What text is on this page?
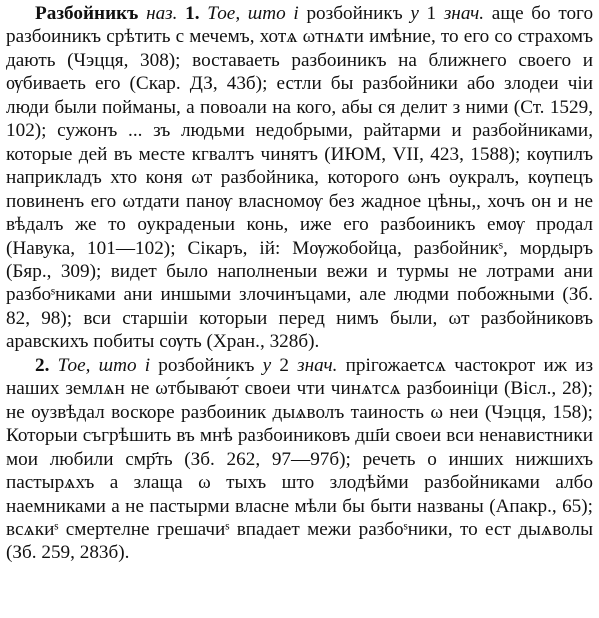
Разбойникъ наз. 1. Тое, што і розбойникъ у 1 знач. аще бо того разбоиникъ срѣтить с мечемъ, хотѧ ωтнѧти имѣние, то его со страхомъ дають (Чэцця, 308); воставаеть разбоиникъ на ближнего своего и ѹбиваеть его (Скар. ДЗ, 43б); естли бы разбойники або злодеи чіи люди были пойманы, а повоали на кого, абы ся делит з ними (Ст. 1529, 102); сужонъ ... зъ людьми недобрыми, райтарми и разбойниками, которые дей въ месте кгвалтъ чинятъ (ИЮМ, VII, 423, 1588); кѹпилъ наприкладъ хто коня ωт разбойника, которого ωнъ оукралъ, кѹпецъ повиненъ его ωтдати панѹ власномѹ без жадное цѣны,, хочъ он и не вѣдалъ же то оукраденыи конь, иже его разбоиникъ емѹ продал (Навука, 101—102); Сікаръ, ій: Мѹжобойца, разбойникˢ, мордыръ (Бяр., 309); видет было наполненыи вежи и турмы не лотрами ани разбоˢниками ани иншыми злочинъцами, але людми побожными (Зб. 82, 98); вси старшіи которыи перед нимъ были, ωт разбойниковъ аравскихъ побиты сѹть (Хран., 328б).

2. Тое, што і розбойникъ у 2 знач. прігожаетсѧ частокрот иж из наших землѧн не ωтбываю́т своеи чти чинѧтсѧ разбоиніци (Вісл., 28); не оузвѣдал воскоре разбоиник дыѧволъ таиность ω неи (Чэцця, 158); Которыи съгрѣшить въ мнѣ разбоиниковъ дш҃и своеи вси ненавистники мои любили смр҃ть (Зб. 262, 97—97б); речеть о инших нижшихъ пастырѧхъ а злаща ω тыхъ што злодѣйми разбойниками албо наемниками а не пастырми власне мѣли бы быти названы (Апакр., 65); всѧкиˢ смертелне грешачиˢ впадает межи разбоˢники, то ест дыѧволы (Зб. 259, 283б).
